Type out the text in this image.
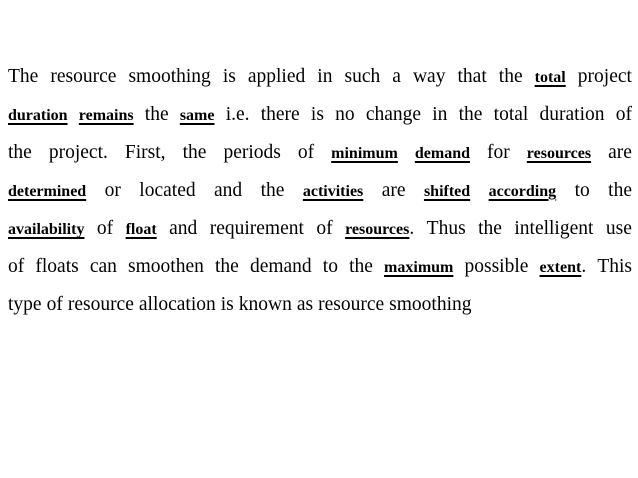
The resource smoothing is applied in such a way that the total project
duration remains the same i.e. there is no change in the total duration of
the project. First, the periods of minimum demand for resources are
determined or located and the activities are shifted according to the
availability of float and requirement of resources. Thus the intelligent use
of floats can smoothen the demand to the maximum possible extent. This
type of resource allocation is known as resource smoothing
